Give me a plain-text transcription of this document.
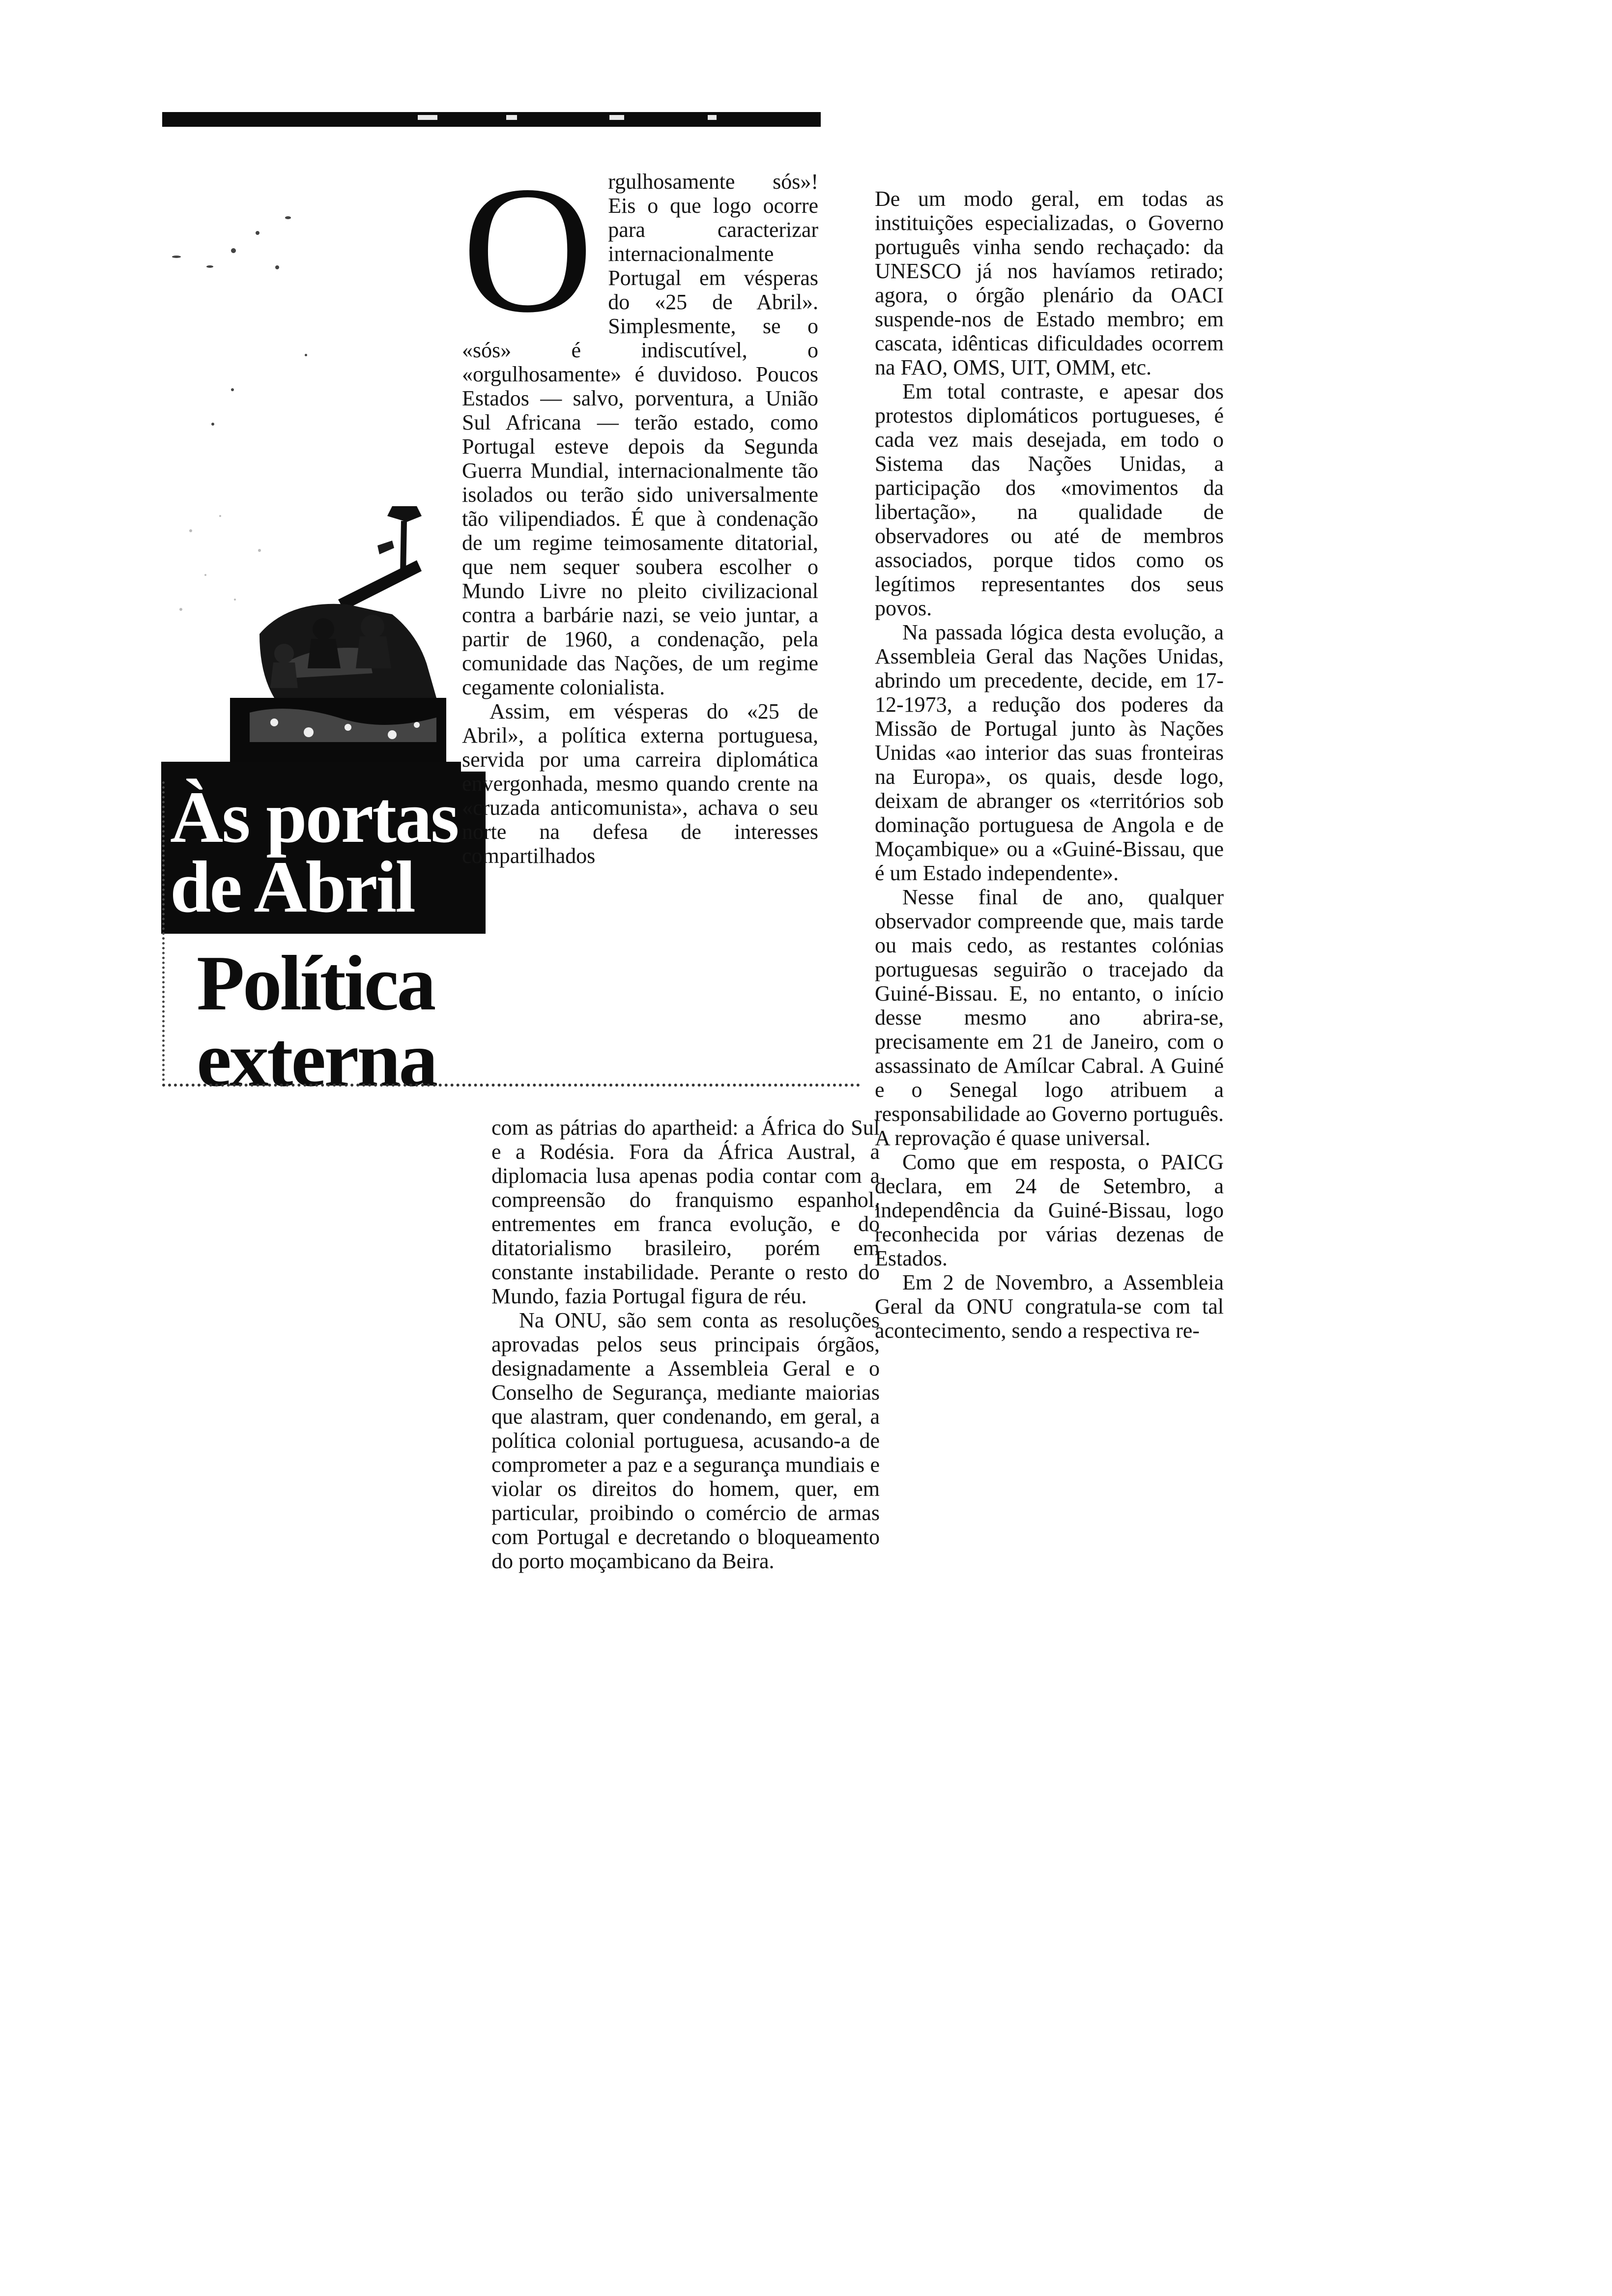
Às portas
de Abril
Política
externa
O rgulhosamente sós»! Eis o que logo ocorre para caracterizar internacionalmente Portugal em vésperas do «25 de Abril». Simplesmente, se o «sós» é indiscutível, o «orgulhosamente» é duvidoso. Poucos Estados — salvo, porventura, a União Sul Africana — terão estado, como Portugal esteve depois da Segunda Guerra Mundial, internacionalmente tão isolados ou terão sido universalmente tão vilipendiados. É que à condenação de um regime teimosamente ditatorial, que nem sequer soubera escolher o Mundo Livre no pleito civilizacional contra a barbárie nazi, se veio juntar, a partir de 1960, a condenação, pela comunidade das Nações, de um regime cegamente colonialista.

Assim, em vésperas do «25 de Abril», a política externa portuguesa, servida por uma carreira diplomática envergonhada, mesmo quando crente na «cruzada anticomunista», achava o seu norte na defesa de interesses compartilhados

com as pátrias do apartheid: a África do Sul e a Rodésia. Fora da África Austral, a diplomacia lusa apenas podia contar com a compreensão do franquismo espanhol, entrementes em franca evolução, e do ditatorialismo brasileiro, porém em constante instabilidade. Perante o resto do Mundo, fazia Portugal figura de réu.

Na ONU, são sem conta as resoluções aprovadas pelos seus principais órgãos, designadamente a Assembleia Geral e o Conselho de Segurança, mediante maiorias que alastram, quer condenando, em geral, a política colonial portuguesa, acusando-a de comprometer a paz e a segurança mundiais e violar os direitos do homem, quer, em particular, proibindo o comércio de armas com Portugal e decretando o bloqueamento do porto moçambicano da Beira.

De um modo geral, em todas as instituições especializadas, o Governo português vinha sendo rechaçado: da UNESCO já nos havíamos retirado; agora, o órgão plenário da OACI suspende-nos de Estado membro; em cascata, idênticas dificuldades ocorrem na FAO, OMS, UIT, OMM, etc.

Em total contraste, e apesar dos protestos diplomáticos portugueses, é cada vez mais desejada, em todo o Sistema das Nações Unidas, a participação dos «movimentos da libertação», na qualidade de observadores ou até de membros associados, porque tidos como os legítimos representantes dos seus povos.

Na passada lógica desta evolução, a Assembleia Geral das Nações Unidas, abrindo um precedente, decide, em 17-12-1973, a redução dos poderes da Missão de Portugal junto às Nações Unidas «ao interior das suas fronteiras na Europa», os quais, desde logo, deixam de abranger os «territórios sob dominação portuguesa de Angola e de Moçambique» ou a «Guiné-Bissau, que é um Estado independente».

Nesse final de ano, qualquer observador compreende que, mais tarde ou mais cedo, as restantes colónias portuguesas seguirão o tracejado da Guiné-Bissau. E, no entanto, o início desse mesmo ano abrira-se, precisamente em 21 de Janeiro, com o assassinato de Amílcar Cabral. A Guiné e o Senegal logo atribuem a responsabilidade ao Governo português. A reprovação é quase universal.

Como que em resposta, o PAICG declara, em 24 de Setembro, a independência da Guiné-Bissau, logo reconhecida por várias dezenas de Estados.

Em 2 de Novembro, a Assembleia Geral da ONU congratula-se com tal acontecimento, sendo a respectiva re-
